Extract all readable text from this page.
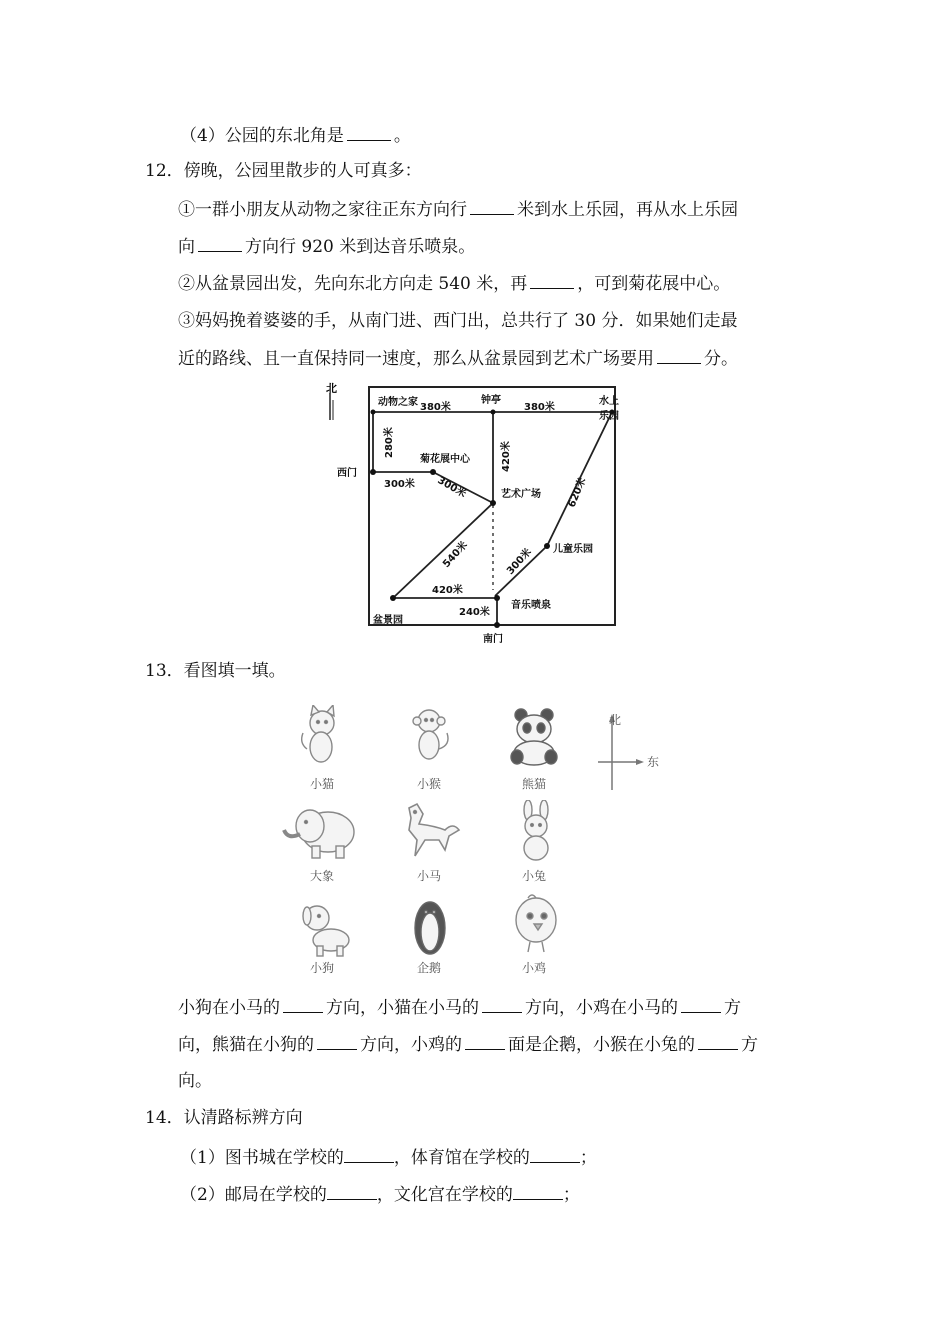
（4）公园的东北角是	。
12．傍晚，公园里散步的人可真多：
①一群小朋友从动物之家往正东方向行	米到水上乐园，再从水上乐园
向	方向行 920 米到达音乐喷泉。
②从盆景园出发，先向东北方向走 540 米，再	，可到菊花展中心。
③妈妈挽着婆婆的手，从南门进、西门出，总共行了 30 分．如果她们走最
近的路线、且一直保持同一速度，那么从盆景园到艺术广场要用	分。
北
动物之家	钟亭	水上
乐园
菊花展中心
西门
艺术广场
儿童乐园
盆景园
音乐喷泉
南门
380米	380米
280米	420米
300米 300米	620米
540米	300米
420米
240米
13．看图填一填。
小猫	小猴	熊猫
北
东
大象	小马	小兔
小狗	企鹅	小鸡
小狗在小马的	方向，小猫在小马的	方向，小鸡在小马的	方
向，熊猫在小狗的	方向，小鸡的	面是企鹅，小猴在小兔的	方
向。
14．认清路标辨方向
（1）图书城在学校的	，体育馆在学校的	；
（2）邮局在学校的	，文化宫在学校的	；
